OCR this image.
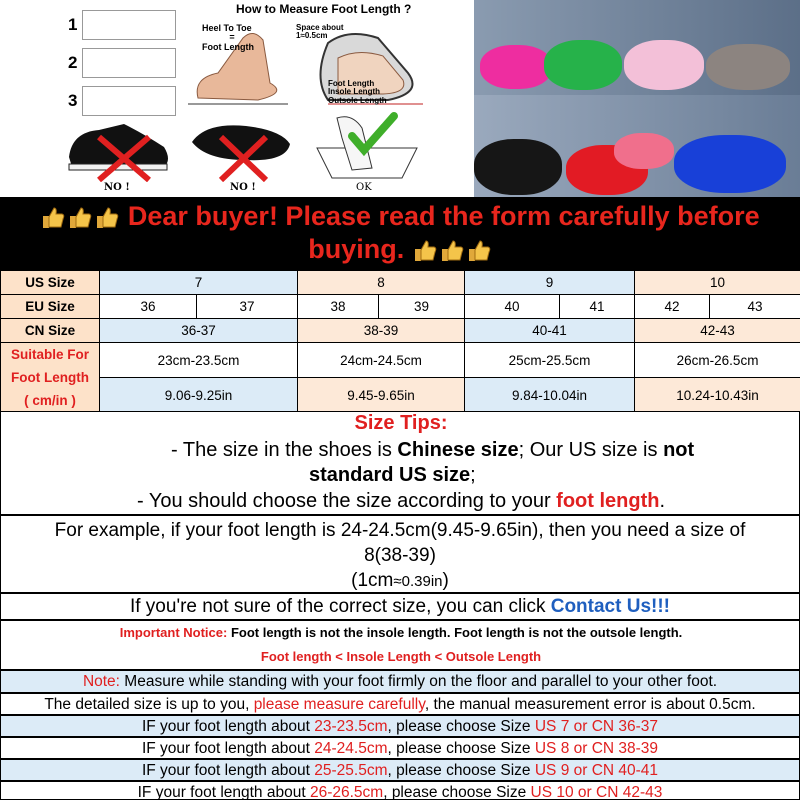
1
2
3
How to Measure Foot Length ?
Heel To Toe
=
Foot Length
Space about
1≈0.5cm
Foot Length
Insole Length
Outsole Length
NO !	NO !	OK
Dear buyer! Please read the form carefully before
buying.
US Size	7		8		9		10	
EU Size	36	37	38	39	40	41	42	43
CN Size	36-37		38-39		40-41		42-43	

Suitable For
Foot Length
( cm/in )	23cm-23.5cm		24cm-24.5cm		25cm-25.5cm		26cm-26.5cm	
	9.06-9.25in		9.45-9.65in		9.84-10.04in		10.24-10.43in	
Size Tips:
- The size in the shoes is Chinese size; Our US size is not
standard US size;
- You should choose the size according to your foot length.
For example, if your foot length is 24-24.5cm(9.45-9.65in), then you need a size of
8(38-39)
(1cm≈0.39in)
If you're not sure of the correct size, you can click Contact Us!!!
Important Notice: Foot length is not the insole length. Foot length is not the outsole length.
Foot length < Insole Length < Outsole Length
Note: Measure while standing with your foot firmly on the floor and parallel to your other foot.
The detailed size is up to you, please measure carefully, the manual measurement error is about 0.5cm.
IF your foot length about 23-23.5cm, please choose Size US 7 or CN 36-37
IF your foot length about 24-24.5cm, please choose Size US 8 or CN 38-39
IF your foot length about 25-25.5cm, please choose Size US 9 or CN 40-41
IF your foot length about 26-26.5cm, please choose Size US 10 or CN 42-43
